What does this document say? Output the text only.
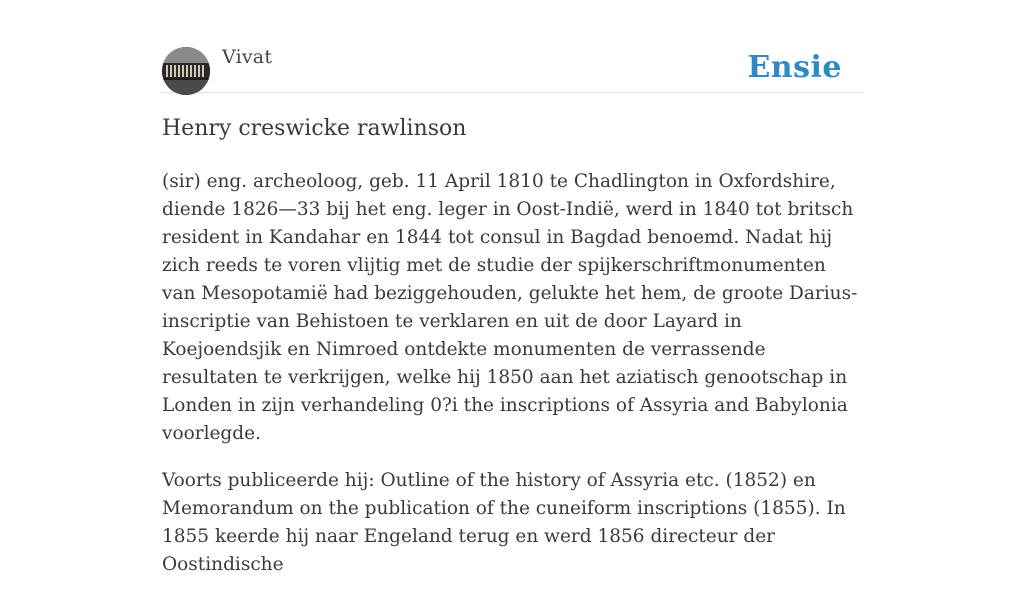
Vivat	Ensie
Henry creswicke rawlinson

(sir) eng. archeoloog, geb. 11 April 1810 te Chadlington in Oxfordshire, diende 1826—33 bij het eng. leger in Oost-Indië, werd in 1840 tot britsch resident in Kandahar en 1844 tot consul in Bagdad benoemd. Nadat hij zich reeds te voren vlijtig met de studie der spijkerschriftmonumenten van Mesopotamië had beziggehouden, gelukte het hem, de groote Darius-inscriptie van Behistoen te verklaren en uit de door Layard in Koejoendsjik en Nimroed ontdekte monumenten de verrassende resultaten te verkrijgen, welke hij 1850 aan het aziatisch genootschap in Londen in zijn verhandeling 0?i the inscriptions of Assyria and Babylonia voorlegde.

Voorts publiceerde hij: Outline of the history of Assyria etc. (1852) en Memorandum on the publication of the cuneiform inscriptions (1855). In 1855 keerde hij naar Engeland terug en werd 1856 directeur der Oostindische
